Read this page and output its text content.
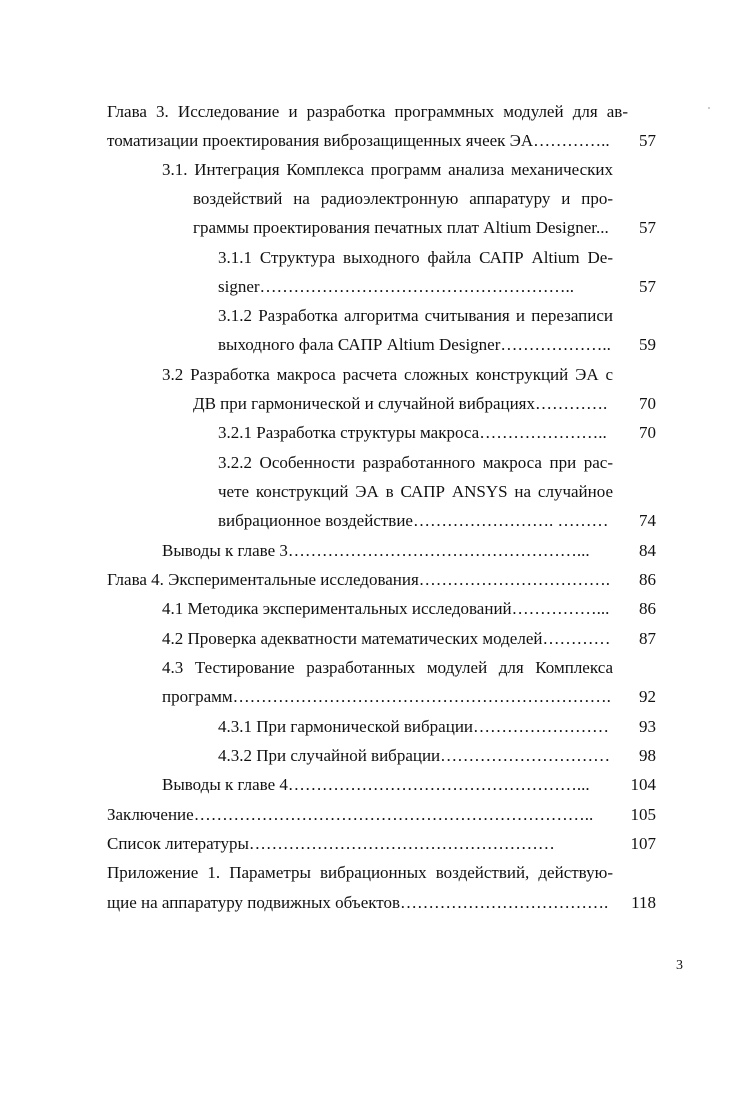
Глава 3. Исследование и разработка программных модулей для ав-
томатизации проектирования виброзащищенных ячеек ЭА…………..	57
3.1. Интеграция Комплекса программ анализа механических
воздействий на радиоэлектронную аппаратуру и про-
граммы проектирования печатных плат Altium Designer...	57
3.1.1 Структура выходного файла САПР Altium De-
signer………………………………………………..	57
3.1.2 Разработка алгоритма считывания и перезаписи
выходного фала САПР Altium Designer………………..	59
3.2 Разработка макроса расчета сложных конструкций ЭА с
ДВ при гармонической и случайной вибрациях………….	70
3.2.1 Разработка структуры макроса…………………..	70
3.2.2 Особенности разработанного макроса при рас-
чете конструкций ЭА в САПР ANSYS на случайное
вибрационное воздействие……………………. ………	74
Выводы к главе 3……………………………………………...	84
Глава 4. Экспериментальные исследования…………………………….	86
4.1 Методика экспериментальных исследований……………...	86
4.2 Проверка адекватности математических моделей…………	87
4.3 Тестирование разработанных модулей для Комплекса
программ………………………………………………………….	92
4.3.1 При гармонической вибрации……………………	93
4.3.2 При случайной вибрации…………………………	98
Выводы к главе 4……………………………………………...	104
Заключение……………………………………………………………..	105
Список литературы………………………………………………	107
Приложение 1. Параметры вибрационных воздействий, действую-
щие на аппаратуру подвижных объектов……………………………….	118
3
